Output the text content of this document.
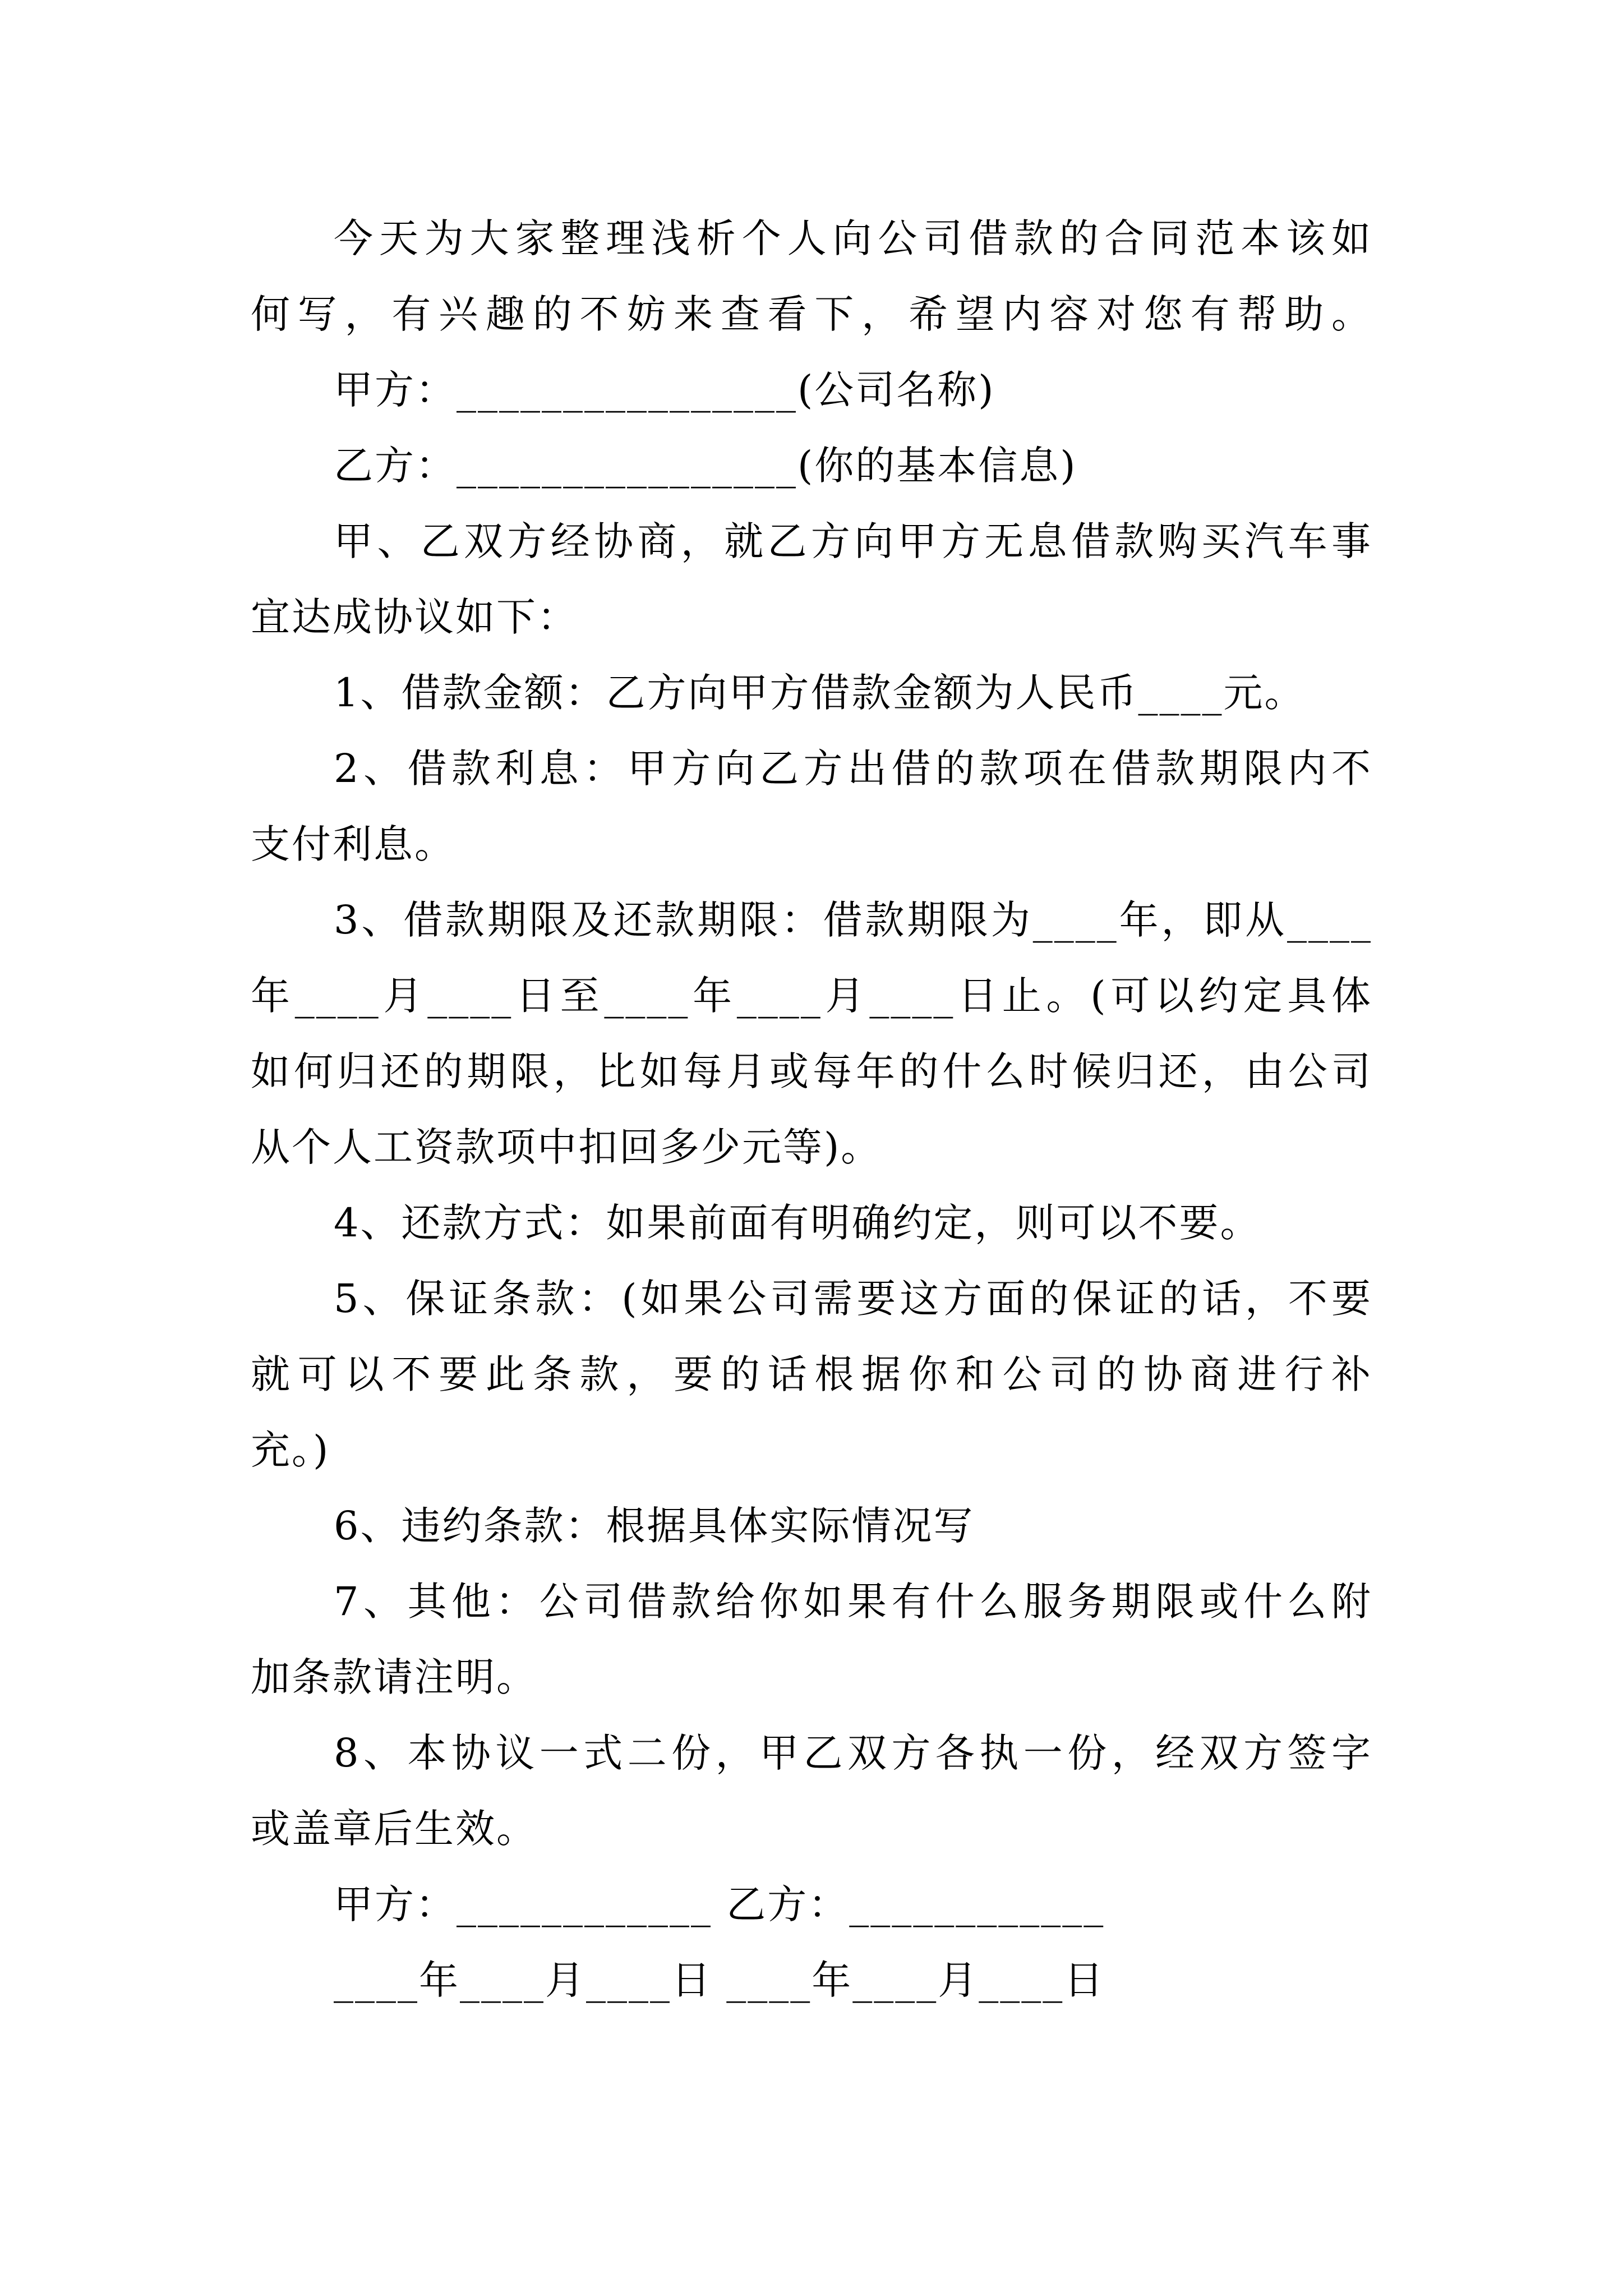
今天为大家整理浅析个人向公司借款的合同范本该如
何写，有兴趣的不妨来查看下，希望内容对您有帮助。
甲方：________________(公司名称)
乙方：________________(你的基本信息)
甲、乙双方经协商，就乙方向甲方无息借款购买汽车事
宜达成协议如下：
1、借款金额：乙方向甲方借款金额为人民币____元。
2、借款利息：甲方向乙方出借的款项在借款期限内不
支付利息。
3、借款期限及还款期限：借款期限为____年，即从____
年____月____日至____年____月____日止。(可以约定具体
如何归还的期限，比如每月或每年的什么时候归还，由公司
从个人工资款项中扣回多少元等)。
4、还款方式：如果前面有明确约定，则可以不要。
5、保证条款：(如果公司需要这方面的保证的话，不要
就可以不要此条款，要的话根据你和公司的协商进行补
充。)
6、违约条款：根据具体实际情况写
7、其他：公司借款给你如果有什么服务期限或什么附
加条款请注明。
8、本协议一式二份，甲乙双方各执一份，经双方签字
或盖章后生效。
甲方：____________ 乙方：____________
____年____月____日 ____年____月____日
